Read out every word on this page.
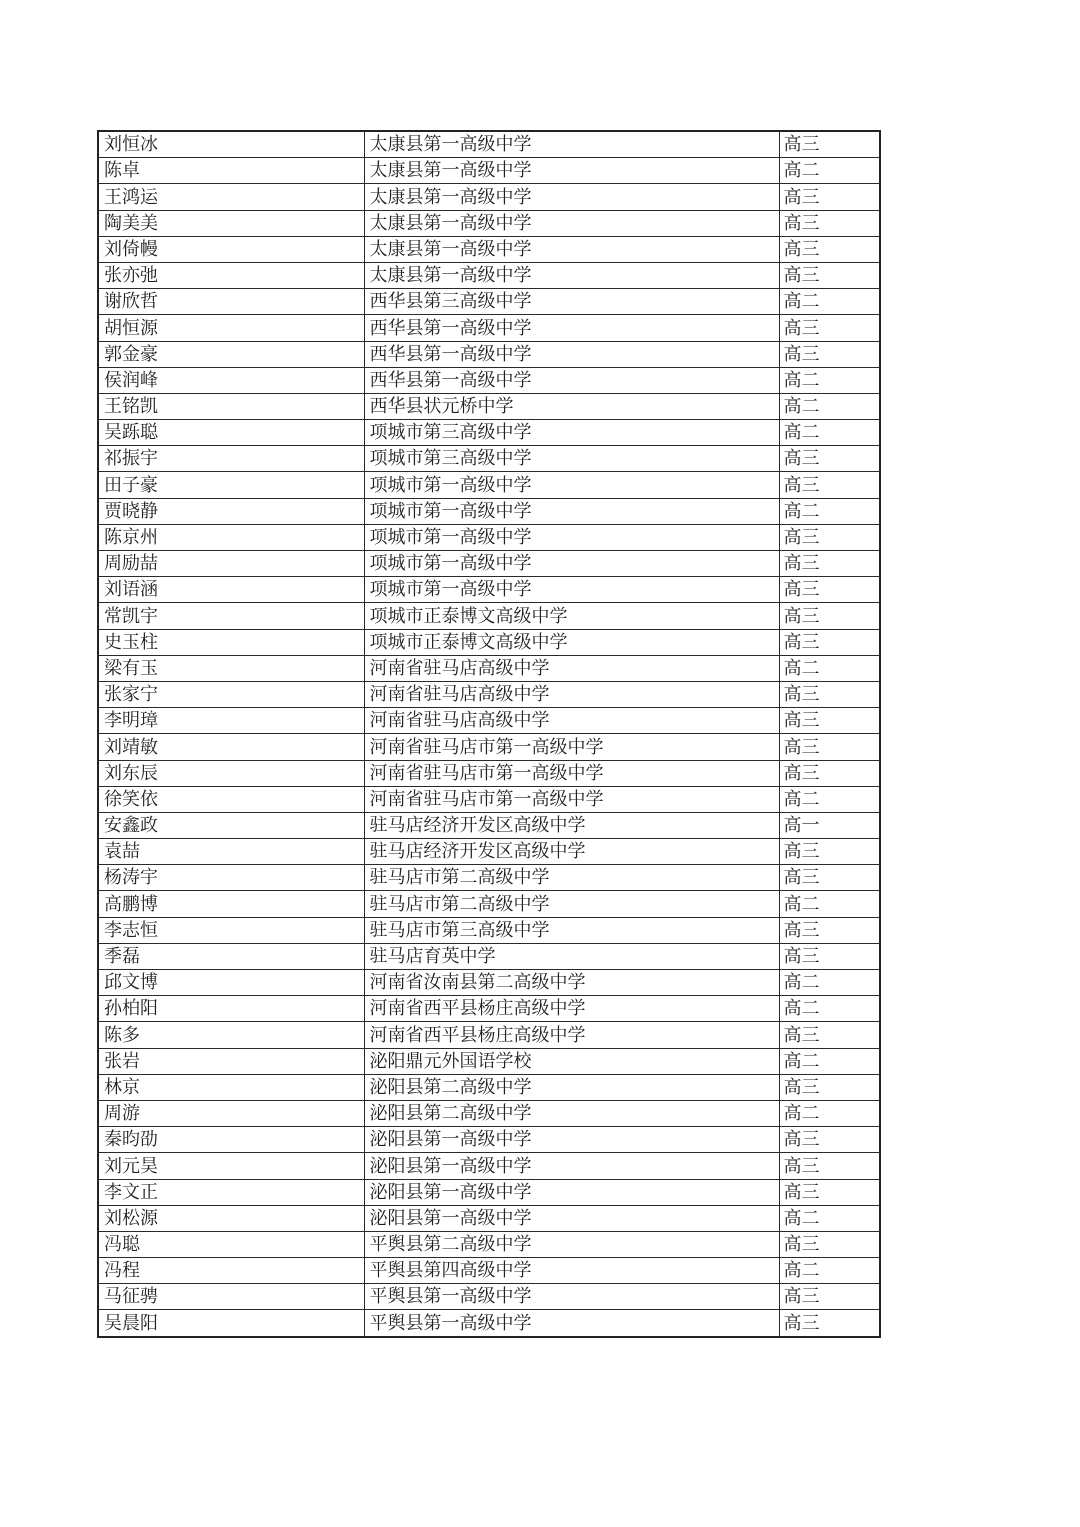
刘恒冰	太康县第一高级中学	高三
陈卓	太康县第一高级中学	高二
王鸿运	太康县第一高级中学	高三
陶美美	太康县第一高级中学	高三
刘倚幔	太康县第一高级中学	高三
张亦弛	太康县第一高级中学	高三
谢欣哲	西华县第三高级中学	高二
胡恒源	西华县第一高级中学	高三
郭金豪	西华县第一高级中学	高三
侯润峰	西华县第一高级中学	高二
王铭凯	西华县状元桥中学	高二
吴跞聪	项城市第三高级中学	高二
祁振宇	项城市第三高级中学	高三
田子豪	项城市第一高级中学	高三
贾晓静	项城市第一高级中学	高二
陈京州	项城市第一高级中学	高三
周励喆	项城市第一高级中学	高三
刘语涵	项城市第一高级中学	高三
常凯宇	项城市正泰博文高级中学	高三
史玉柱	项城市正泰博文高级中学	高三
梁有玉	河南省驻马店高级中学	高二
张家宁	河南省驻马店高级中学	高三
李明璋	河南省驻马店高级中学	高三
刘靖敏	河南省驻马店市第一高级中学	高三
刘东辰	河南省驻马店市第一高级中学	高三
徐笑依	河南省驻马店市第一高级中学	高二
安鑫政	驻马店经济开发区高级中学	高一
袁喆	驻马店经济开发区高级中学	高三
杨涛宇	驻马店市第二高级中学	高三
高鹏博	驻马店市第二高级中学	高二
李志恒	驻马店市第三高级中学	高三
季磊	驻马店育英中学	高三
邱文博	河南省汝南县第二高级中学	高二
孙柏阳	河南省西平县杨庄高级中学	高二
陈多	河南省西平县杨庄高级中学	高三
张岩	泌阳鼎元外国语学校	高二
林京	泌阳县第二高级中学	高三
周游	泌阳县第二高级中学	高二
秦昀劭	泌阳县第一高级中学	高三
刘元昊	泌阳县第一高级中学	高三
李文正	泌阳县第一高级中学	高三
刘松源	泌阳县第一高级中学	高二
冯聪	平舆县第二高级中学	高三
冯程	平舆县第四高级中学	高二
马征骋	平舆县第一高级中学	高三
吴晨阳	平舆县第一高级中学	高三
